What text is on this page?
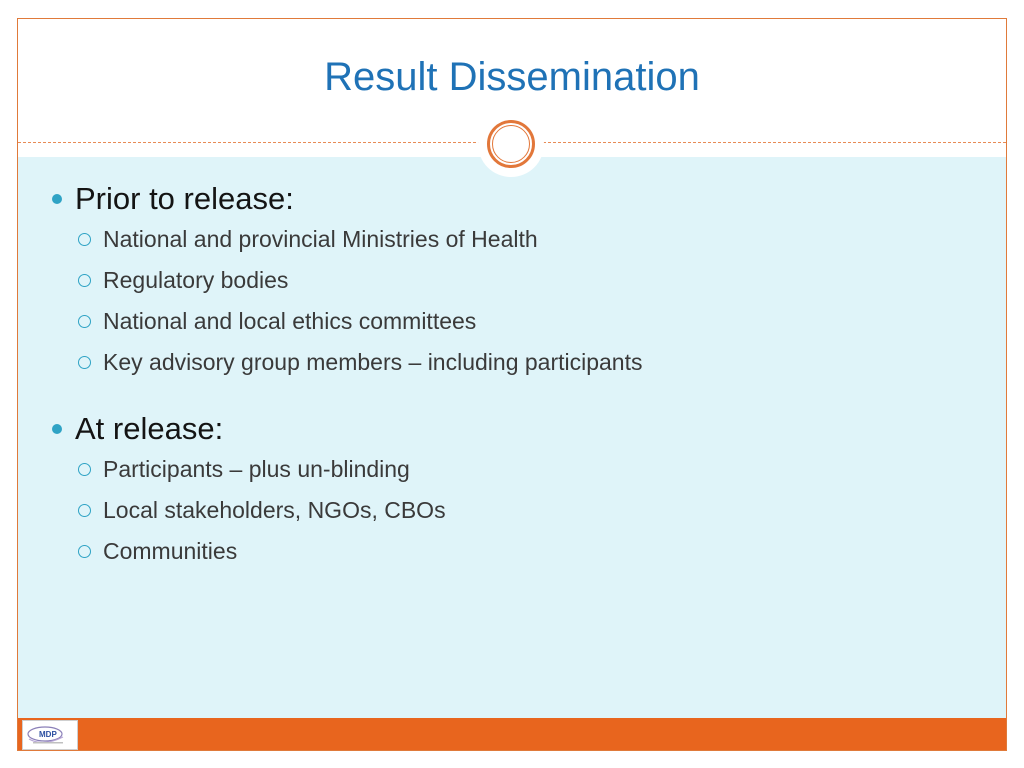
Result Dissemination
Prior to release:
National and provincial Ministries of Health
Regulatory bodies
National and local ethics committees
Key advisory group members – including participants
At release:
Participants – plus un-blinding
Local stakeholders, NGOs, CBOs
Communities
MDP
